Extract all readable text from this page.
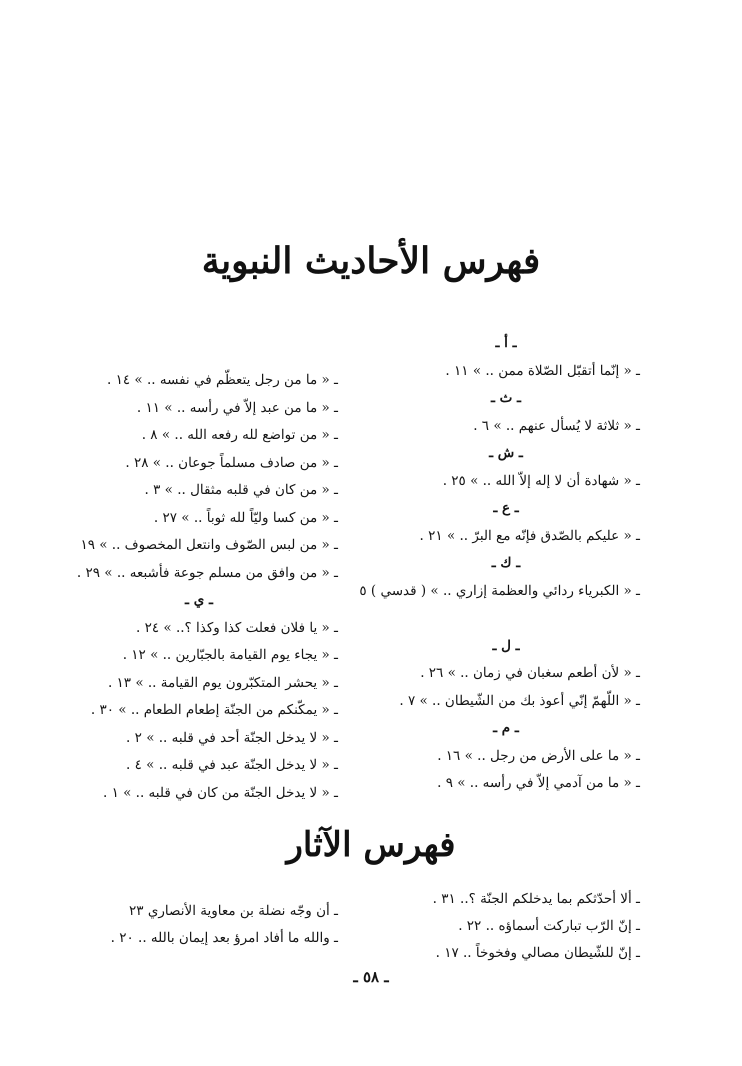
فهرس الأحاديث النبوية
ـ أ ـ
ـ « إنّما أتقبّل الصّلاة ممن .. » ١١ .
ـ ث ـ
ـ « ثلاثة لا يُسأل عنهم .. » ٦ .
ـ ش ـ
ـ « شهادة أن لا إله إلاّ الله .. » ٢٥ .
ـ ع ـ
ـ « عليكم بالصّدق فإنّه مع البرّ .. » ٢١ .
ـ ك ـ
ـ « الكبرياء ردائي والعظمة إزاري .. » ( قدسي ) ٥
ـ ل ـ
ـ « لأن أطعم سغبان في زمان .. » ٢٦ .
ـ « اللّهمّ إنّي أعوذ بك من الشّيطان .. » ٧ .
ـ م ـ
ـ « ما على الأرض من رجل .. » ١٦ .
ـ « ما من آدمي إلاّ في رأسه .. » ٩ .
ـ « ما من رجل يتعظّم في نفسه .. » ١٤ .
ـ « ما من عبد إلاّ في رأسه .. » ١١ .
ـ « من تواضع لله رفعه الله .. » ٨ .
ـ « من صادف مسلماً جوعان .. » ٢٨ .
ـ « من كان في قلبه مثقال .. » ٣ .
ـ « من كسا وليّاً لله ثوباً .. » ٢٧ .
ـ « من لبس الصّوف وانتعل المخصوف .. » ١٩
ـ « من وافق من مسلم جوعة فأشبعه .. » ٢٩ .
ـ ي ـ
ـ « يا فلان فعلت كذا وكذا ؟.. » ٢٤ .
ـ « يجاء يوم القيامة بالجبّارين .. » ١٢ .
ـ « يحشر المتكبّرون يوم القيامة .. » ١٣ .
ـ « يمكّنكم من الجنّة إطعام الطعام .. » ٣٠ .
ـ « لا يدخل الجنّة أحد في قلبه .. » ٢ .
ـ « لا يدخل الجنّة عبد في قلبه .. » ٤ .
ـ « لا يدخل الجنّة من كان في قلبه .. » ١ .
فهرس الآثار
ـ ألا أحدّثكم بما يدخلكم الجنّة ؟.. ٣١ .
ـ إنّ الرّب تباركت أسماؤه .. ٢٢ .
ـ إنّ للشّيطان مصالي وفخوخاً .. ١٧ .
ـ أن وجّه نضلة بن معاوية الأنصاري ٢٣
ـ والله ما أفاد امرؤ بعد إيمان بالله .. ٢٠ .
ـ ٥٨ ـ
